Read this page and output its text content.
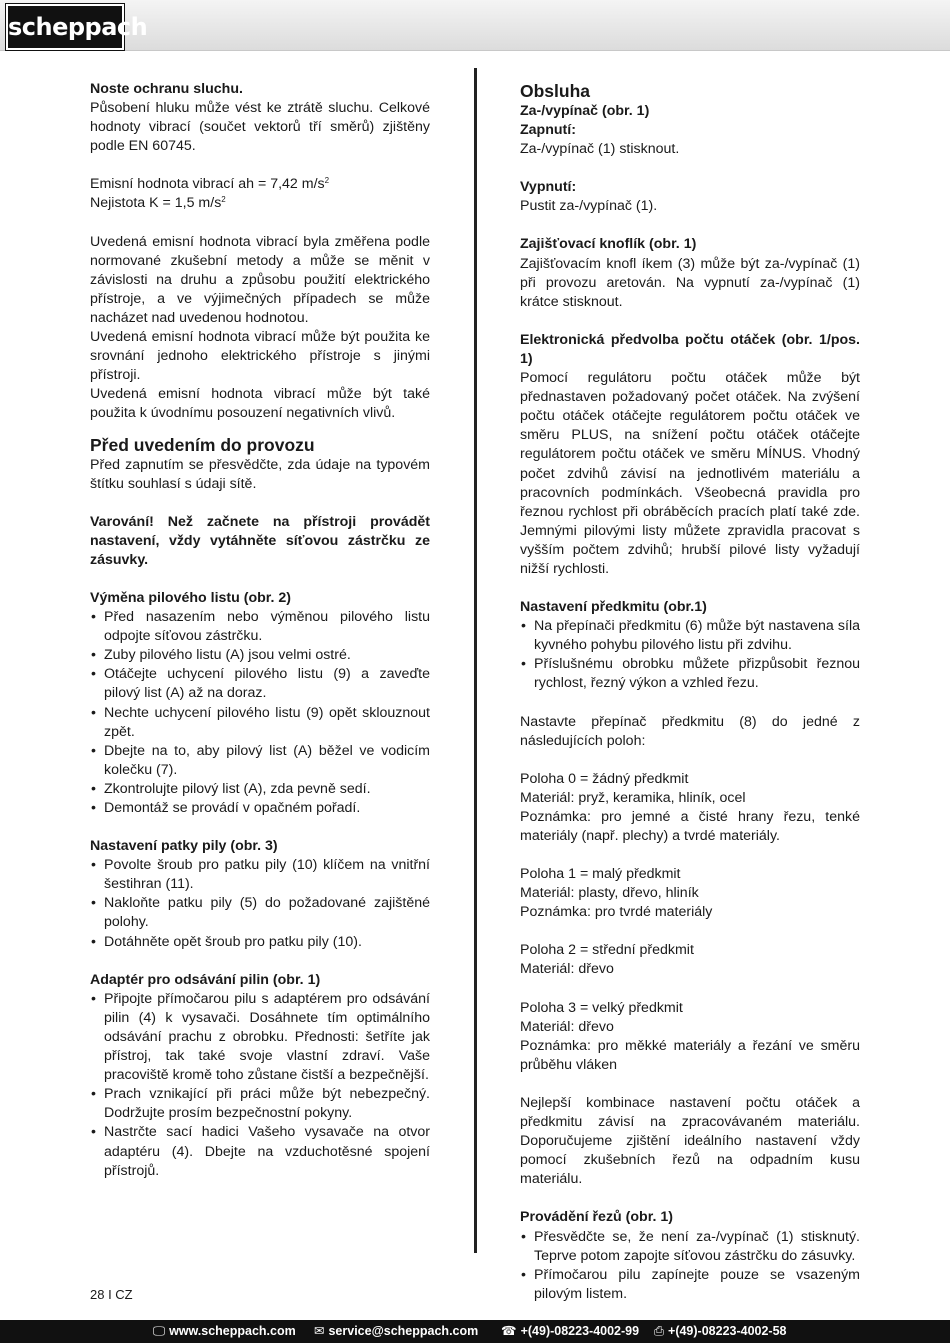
scheppach

Noste ochranu sluchu.

Působení hluku může vést ke ztrátě sluchu. Celkové hodnoty vibrací (součet vektorů tří směrů) zjištěny podle EN 60745.

Emisní hodnota vibrací ah = 7,42 $m/s^2$

Nejistota K = 1,5 $m/s^2$

Uvedená emisní hodnota vibrací byla změřena podle normované zkušební metody a může se měnit v závislosti na druhu a způsobu použití elektrického přístroje, a ve výjimečných případech se může nacházet nad uvedenou hodnotou.

Uvedená emisní hodnota vibrací může být použita ke srovnání jednoho elektrického přístroje s jinými přístroji.

Uvedená emisní hodnota vibrací může být také použita k úvodnímu posouzení negativních vlivů.

Před uvedením do provozu

Před zapnutím se přesvědčte, zda údaje na typovém štítku souhlasí s údaji sítě.

Varování! Než začnete na přístroji provádět nastavení, vždy vytáhněte síťovou zástrčku ze zásuvky.

Výměna pilového listu (obr. 2)

• Před nasazením nebo výměnou pilového listu odpojte síťovou zástrčku.
• Zuby pilového listu (A) jsou velmi ostré.
• Otáčejte uchycení pilového listu (9) a zaveďte pilový list (A) až na doraz.
• Nechte uchycení pilového listu (9) opět sklouznout zpět.
• Dbejte na to, aby pilový list (A) běžel ve vodicím kolečku (7).
• Zkontrolujte pilový list (A), zda pevně sedí.
• Demontáž se provádí v opačném pořadí.

Nastavení patky pily (obr. 3)

• Povolte šroub pro patku pily (10) klíčem na vnitřní šestihran (11).
• Nakloňte patku pily (5) do požadované zajištěné polohy.
• Dotáhněte opět šroub pro patku pily (10).

Adaptér pro odsávání pilin (obr. 1)

• Připojte přímočarou pilu s adaptérem pro odsávání pilin (4) k vysavači. Dosáhnete tím optimálního odsávání prachu z obrobku. Přednosti: šetříte jak přístroj, tak také svoje vlastní zdraví. Vaše pracoviště kromě toho zůstane čistší a bezpečnější.
• Prach vznikající při práci může být nebezpečný. Dodržujte prosím bezpečnostní pokyny.
• Nastrčte sací hadici Vašeho vysavače na otvor adaptéru (4). Dbejte na vzduchotěsné spojení přístrojů.
Obsluha

Za-/vypínač (obr. 1)

Zapnutí:

Za-/vypínač (1) stisknout.

Vypnutí:

Pustit za-/vypínač (1).

Zajišťovací knoflík (obr. 1)

Zajišťovacím knofl íkem (3) může být za-/vypínač (1) při provozu aretován. Na vypnutí za-/vypínač (1) krátce stisknout.

Elektronická předvolba počtu otáček (obr. 1/pos. 1)

Pomocí regulátoru počtu otáček může být přednastaven požadovaný počet otáček. Na zvýšení počtu otáček otáčejte regulátorem počtu otáček ve směru PLUS, na snížení počtu otáček otáčejte regulátorem počtu otáček ve směru MÍNUS. Vhodný počet zdvihů závisí na jednotlivém materiálu a pracovních podmínkách. Všeobecná pravidla pro řeznou rychlost při obráběcích pracích platí také zde. Jemnými pilovými listy můžete zpravidla pracovat s vyšším počtem zdvihů; hrubší pilové listy vyžadují nižší rychlosti.

Nastavení předkmitu (obr.1)

• Na přepínači předkmitu (6) může být nastavena síla kyvného pohybu pilového listu při zdvihu.
• Příslušnému obrobku můžete přizpůsobit řeznou rychlost, řezný výkon a vzhled řezu.

Nastavte přepínač předkmitu (8) do jedné z následujících poloh:

Poloha 0 = žádný předkmit

Materiál: pryž, keramika, hliník, ocel

Poznámka: pro jemné a čisté hrany řezu, tenké materiály (např. plechy) a tvrdé materiály.

Poloha 1 = malý předkmit

Materiál: plasty, dřevo, hliník

Poznámka: pro tvrdé materiály

Poloha 2 = střední předkmit

Materiál: dřevo

Poloha 3 = velký předkmit

Materiál: dřevo

Poznámka: pro měkké materiály a řezání ve směru průběhu vláken

Nejlepší kombinace nastavení počtu otáček a předkmitu závisí na zpracovávaném materiálu. Doporučujeme zjištění ideálního nastavení vždy pomocí zkušebních řezů na odpadním kusu materiálu.

Provádění řezů (obr. 1)

• Přesvědčte se, že není za-/vypínač (1) stisknutý. Teprve potom zapojte síťovou zástrčku do zásuvky.
• Přímočarou pilu zapínejte pouze se vsazeným pilovým listem.
28 I CZ
🖵︎ www.scheppach.com ✉︎ service@scheppach.com ☎︎ +(49)-08223-4002-99 ⎙ +(49)-08223-4002-58
